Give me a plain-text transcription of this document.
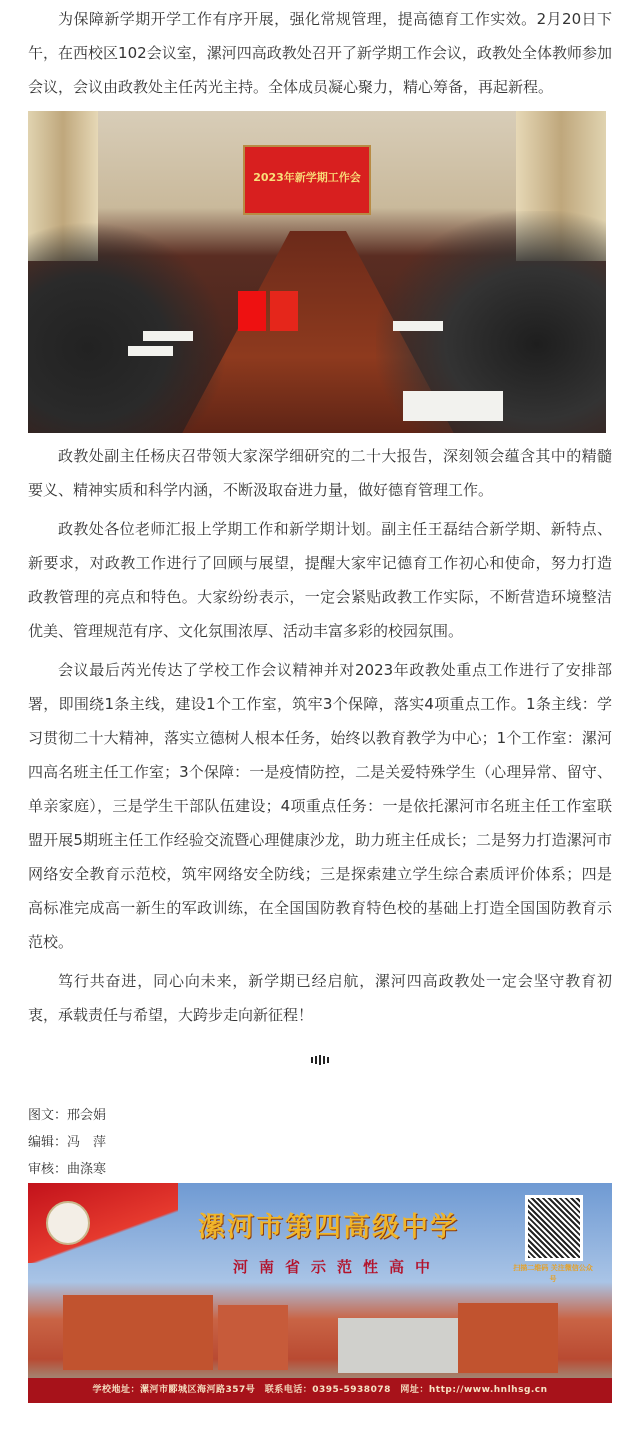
为保障新学期开学工作有序开展，强化常规管理，提高德育工作实效。2月20日下午，在西校区102会议室，漯河四高政教处召开了新学期工作会议，政教处全体教师参加会议，会议由政教处主任芮光主持。全体成员凝心聚力，精心筹备，再起新程。

2023年新学期工作会

政教处副主任杨庆召带领大家深学细研究的二十大报告，深刻领会蕴含其中的精髓要义、精神实质和科学内涵，不断汲取奋进力量，做好德育管理工作。

政教处各位老师汇报上学期工作和新学期计划。副主任王磊结合新学期、新特点、新要求，对政教工作进行了回顾与展望，提醒大家牢记德育工作初心和使命，努力打造政教管理的亮点和特色。大家纷纷表示，一定会紧贴政教工作实际，不断营造环境整洁优美、管理规范有序、文化氛围浓厚、活动丰富多彩的校园氛围。

会议最后芮光传达了学校工作会议精神并对2023年政教处重点工作进行了安排部署，即围绕1条主线，建设1个工作室，筑牢3个保障，落实4项重点工作。1条主线：学习贯彻二十大精神，落实立德树人根本任务，始终以教育教学为中心；1个工作室：漯河四高名班主任工作室；3个保障：一是疫情防控，二是关爱特殊学生（心理异常、留守、单亲家庭），三是学生干部队伍建设；4项重点任务：一是依托漯河市名班主任工作室联盟开展5期班主任工作经验交流暨心理健康沙龙，助力班主任成长；二是努力打造漯河市网络安全教育示范校，筑牢网络安全防线；三是探索建立学生综合素质评价体系；四是高标准完成高一新生的军政训练，在全国国防教育特色校的基础上打造全国国防教育示范校。

笃行共奋进，同心向未来，新学期已经启航，漯河四高政教处一定会坚守教育初衷，承载责任与希望，大跨步走向新征程！

图文：邢会娟
编辑：冯　萍
审核：曲涤寒
漯河市第四高级中学
河南省示范性高中	扫描二维码 关注微信公众号
学校地址：漯河市郾城区海河路357号　联系电话：0395-5938078　网址：http://www.hnlhsg.cn
